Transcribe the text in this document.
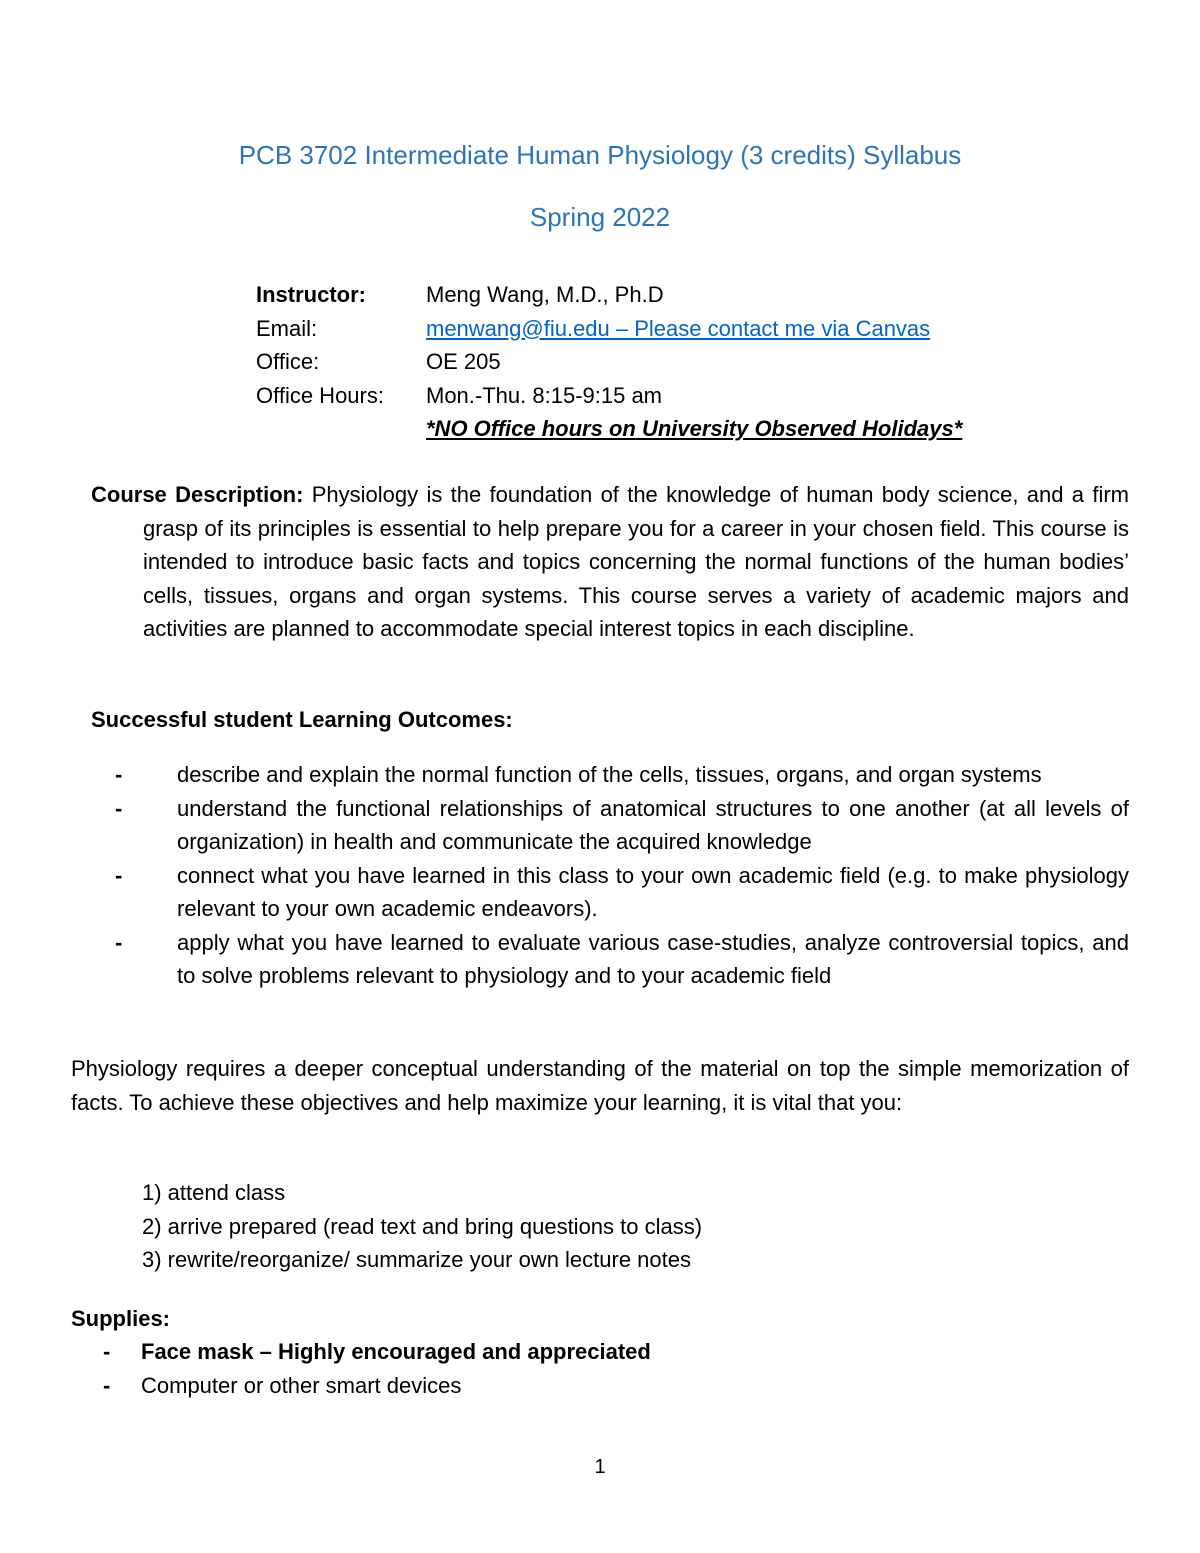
PCB 3702 Intermediate Human Physiology (3 credits) Syllabus
Spring 2022
Instructor:	Meng Wang, M.D., Ph.D
Email:	menwang@fiu.edu – Please contact me via Canvas
Office:	OE 205
Office Hours: Mon.-Thu. 8:15-9:15 am
*NO Office hours on University Observed Holidays*

Course Description: Physiology is the foundation of the knowledge of human body science, and a firm grasp of its principles is essential to help prepare you for a career in your chosen field. This course is intended to introduce basic facts and topics concerning the normal functions of the human bodies’ cells, tissues, organs and organ systems. This course serves a variety of academic majors and activities are planned to accommodate special interest topics in each discipline.

Successful student Learning Outcomes:
- describe and explain the normal function of the cells, tissues, organs, and organ systems
- understand the functional relationships of anatomical structures to one another (at all levels of organization) in health and communicate the acquired knowledge
- connect what you have learned in this class to your own academic field (e.g. to make physiology relevant to your own academic endeavors).
- apply what you have learned to evaluate various case-studies, analyze controversial topics, and to solve problems relevant to physiology and to your academic field

Physiology requires a deeper conceptual understanding of the material on top the simple memorization of facts. To achieve these objectives and help maximize your learning, it is vital that you:

1) attend class
2) arrive prepared (read text and bring questions to class)
3) rewrite/reorganize/ summarize your own lecture notes
Supplies:
- Face mask – Highly encouraged and appreciated
- Computer or other smart devices
1
